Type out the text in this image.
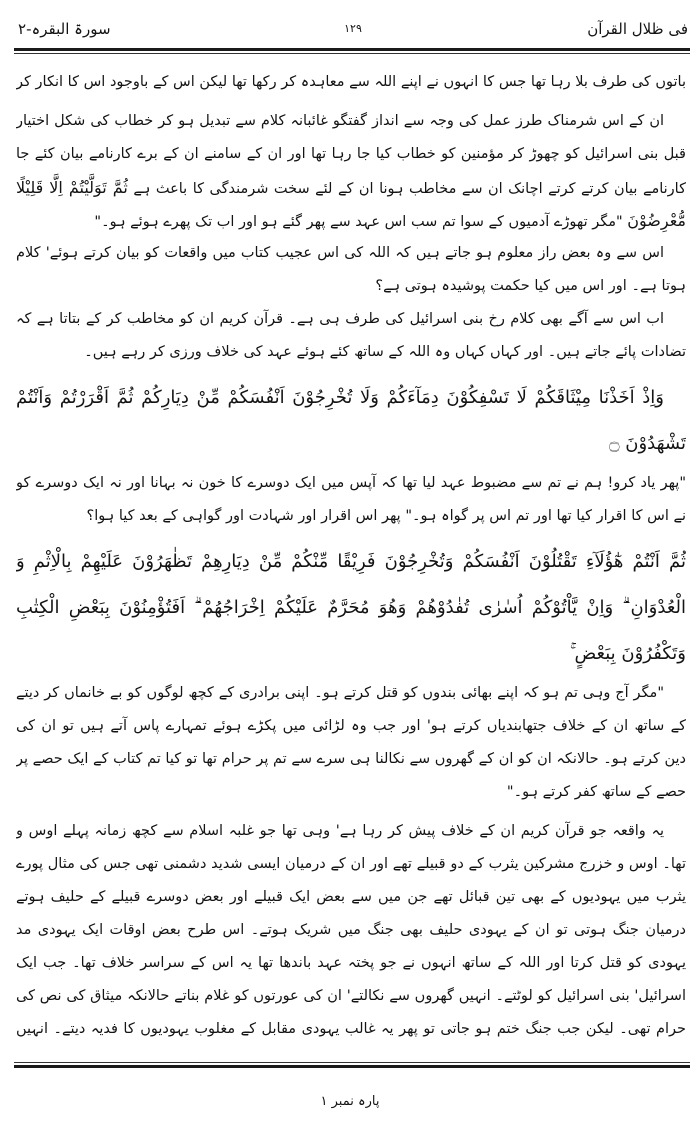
فی ظلال القرآن
۱۲۹
سورۃ البقرہ-۲
باتوں کی طرف بلا رہا تھا جس کا انہوں نے اپنے اللہ سے معاہدہ کر رکھا تھا لیکن اس کے باوجود اس کا انکار کر
ان کے اس شرمناک طرز عمل کی وجہ سے انداز گفتگو غائبانہ کلام سے تبدیل ہو کر خطاب کی شکل اختیار
قبل بنی اسرائیل کو چھوڑ کر مؤمنین کو خطاب کیا جا رہا تھا اور ان کے سامنے ان کے برے کارنامے بیان کئے جا
کارنامے بیان کرتے کرتے اچانک ان سے مخاطب ہونا ان کے لئے سخت شرمندگی کا باعث ہے ثُمَّ تَوَلَّيْتُمْ اِلَّا قَلِيْلًا
مُّعْرِضُوْنَ "مگر تھوڑے آدمیوں کے سوا تم سب اس عہد سے پھر گئے ہو اور اب تک پھرے ہوئے ہو۔"
اس سے وہ بعض راز معلوم ہو جاتے ہیں کہ اللہ کی اس عجیب کتاب میں واقعات کو بیان کرتے ہوئے' کلام
ہوتا ہے۔ اور اس میں کیا حکمت پوشیدہ ہوتی ہے؟
اب اس سے آگے بھی کلام رخ بنی اسرائیل کی طرف ہی ہے۔ قرآن کریم ان کو مخاطب کر کے بتاتا ہے کہ
تضادات پائے جاتے ہیں۔ اور کہاں کہاں وہ اللہ کے ساتھ کئے ہوئے عہد کی خلاف ورزی کر رہے ہیں۔
وَاِذْ اَخَذْنَا مِيْثَاقَكُمْ لَا تَسْفِكُوْنَ دِمَآءَكُمْ وَلَا تُخْرِجُوْنَ اَنْفُسَكُمْ مِّنْ دِيَارِكُمْ ثُمَّ اَقْرَرْتُمْ وَاَنْتُمْ
تَشْهَدُوْنَ ۝
"پھر یاد کرو! ہم نے تم سے مضبوط عہد لیا تھا کہ آپس میں ایک دوسرے کا خون نہ بہانا اور نہ ایک دوسرے کو
نے اس کا اقرار کیا تھا اور تم اس پر گواہ ہو۔" پھر اس اقرار اور شہادت اور گواہی کے بعد کیا ہوا؟
ثُمَّ اَنْتُمْ هٰٓؤُلَآءِ تَقْتُلُوْنَ اَنْفُسَكُمْ وَتُخْرِجُوْنَ فَرِيْقًا مِّنْكُمْ مِّنْ دِيَارِهِمْ تَظٰهَرُوْنَ عَلَيْهِمْ بِالْاِثْمِ وَ
الْعُدْوَانِ ۗ وَاِنْ يَّاْتُوْكُمْ اُسٰرٰى تُفٰدُوْهُمْ وَهُوَ مُحَرَّمٌ عَلَيْكُمْ اِخْرَاجُهُمْ ۗ اَفَتُؤْمِنُوْنَ بِبَعْضِ الْكِتٰبِ
وَتَكْفُرُوْنَ بِبَعْضٍ ۚ
"مگر آج وہی تم ہو کہ اپنے بھائی بندوں کو قتل کرتے ہو۔ اپنی برادری کے کچھ لوگوں کو بے خانماں کر دیتے
کے ساتھ ان کے خلاف جتھابندیاں کرتے ہو' اور جب وہ لڑائی میں پکڑے ہوئے تمہارے پاس آتے ہیں تو ان کی
دین کرتے ہو۔ حالانکہ ان کو ان کے گھروں سے نکالنا ہی سرے سے تم پر حرام تھا تو کیا تم کتاب کے ایک حصے پر
حصے کے ساتھ کفر کرتے ہو۔"
یہ واقعہ جو قرآن کریم ان کے خلاف پیش کر رہا ہے' وہی تھا جو غلبہ اسلام سے کچھ زمانہ پہلے اوس و
تھا۔ اوس و خزرج مشرکین یثرب کے دو قبیلے تھے اور ان کے درمیان ایسی شدید دشمنی تھی جس کی مثال پورے
یثرب میں یہودیوں کے بھی تین قبائل تھے جن میں سے بعض ایک قبیلے اور بعض دوسرے قبیلے کے حلیف ہوتے
درمیان جنگ ہوتی تو ان کے یہودی حلیف بھی جنگ میں شریک ہوتے۔ اس طرح بعض اوقات ایک یہودی مد
یہودی کو قتل کرتا اور اللہ کے ساتھ انہوں نے جو پختہ عہد باندھا تھا یہ اس کے سراسر خلاف تھا۔ جب ایک
اسرائیل' بنی اسرائیل کو لوٹتے۔ انہیں گھروں سے نکالتے' ان کی عورتوں کو غلام بناتے حالانکہ میثاق کی نص کی
حرام تھی۔ لیکن جب جنگ ختم ہو جاتی تو پھر یہ غالب یہودی مقابل کے مغلوب یہودیوں کا فدیہ دیتے۔ انہیں
پارہ نمبر ۱
